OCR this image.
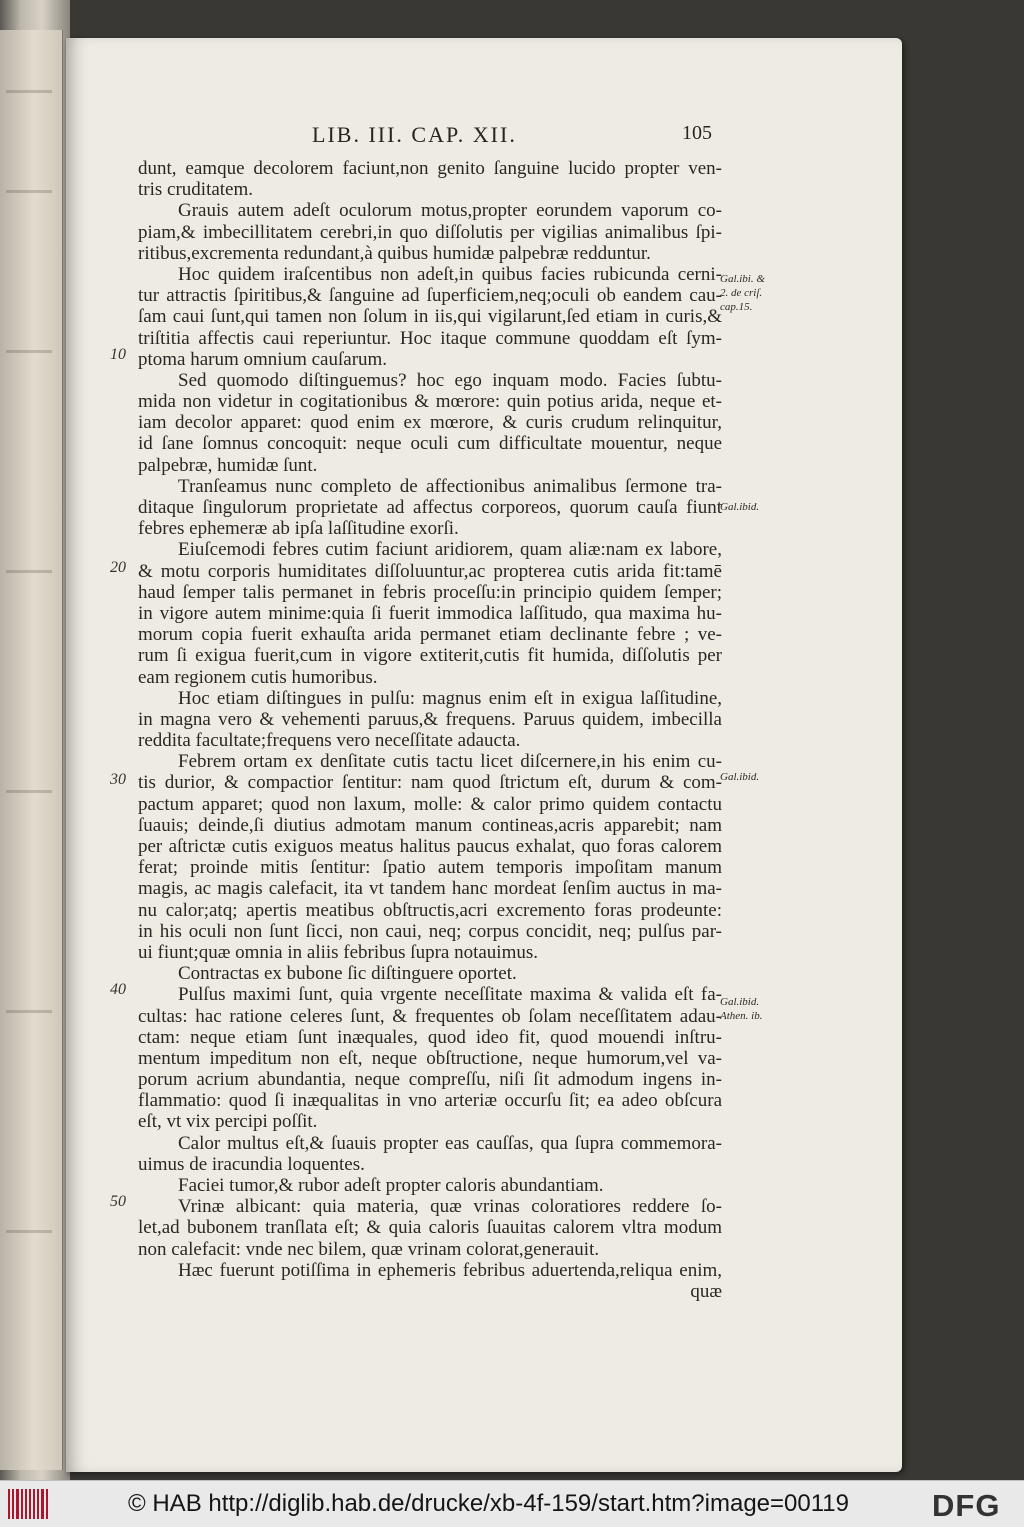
LIB. III. CAP. XII.	105
dunt, eamque decolorem faciunt,non genito ſanguine lucido propter ven-
tris cruditatem.
Grauis autem adeſt oculorum motus,propter eorundem vaporum co-
piam,& imbecillitatem cerebri,in quo diſſolutis per vigilias animalibus ſpi-
ritibus,excrementa redundant,à quibus humidæ palpebræ redduntur.
Hoc quidem iraſcentibus non adeſt,in quibus facies rubicunda cerni-
tur attractis ſpiritibus,& ſanguine ad ſuperficiem,neq;oculi ob eandem cau-
ſam caui ſunt,qui tamen non ſolum in iis,qui vigilarunt,ſed etiam in curis,&
triſtitia affectis caui reperiuntur. Hoc itaque commune quoddam eſt ſym-
ptoma harum omnium cauſarum.
Sed quomodo diſtinguemus? hoc ego inquam modo. Facies ſubtu-
mida non videtur in cogitationibus & mœrore: quin potius arida, neque et-
iam decolor apparet: quod enim ex mœrore, & curis crudum relinquitur,
id ſane ſomnus concoquit: neque oculi cum difficultate mouentur, neque
palpebræ, humidæ ſunt.
Tranſeamus nunc completo de affectionibus animalibus ſermone tra-
ditaque ſingulorum proprietate ad affectus corporeos, quorum cauſa fiunt
febres ephemeræ ab ipſa laſſitudine exorſi.
Eiuſcemodi febres cutim faciunt aridiorem, quam aliæ:nam ex labore,
& motu corporis humiditates diſſoluuntur,ac propterea cutis arida fit:tamē
haud ſemper talis permanet in febris proceſſu:in principio quidem ſemper;
in vigore autem minime:quia ſi fuerit immodica laſſitudo, qua maxima hu-
morum copia fuerit exhauſta arida permanet etiam declinante febre ; ve-
rum ſi exigua fuerit,cum in vigore extiterit,cutis fit humida, diſſolutis per
eam regionem cutis humoribus.
Hoc etiam diſtingues in pulſu: magnus enim eſt in exigua laſſitudine,
in magna vero & vehementi paruus,& frequens. Paruus quidem, imbecilla
reddita facultate;frequens vero neceſſitate adaucta.
Febrem ortam ex denſitate cutis tactu licet diſcernere,in his enim cu-
tis durior, & compactior ſentitur: nam quod ſtrictum eſt, durum & com-
pactum apparet; quod non laxum, molle: & calor primo quidem contactu
ſuauis; deinde,ſi diutius admotam manum contineas,acris apparebit; nam
per aſtrictæ cutis exiguos meatus halitus paucus exhalat, quo foras calorem
ferat; proinde mitis ſentitur: ſpatio autem temporis impoſitam manum
magis, ac magis calefacit, ita vt tandem hanc mordeat ſenſim auctus in ma-
nu calor;atq; apertis meatibus obſtructis,acri excremento foras prodeunte:
in his oculi non ſunt ſicci, non caui, neq; corpus concidit, neq; pulſus par-
ui fiunt;quæ omnia in aliis febribus ſupra notauimus.
Contractas ex bubone ſic diſtinguere oportet.
Pulſus maximi ſunt, quia vrgente neceſſitate maxima & valida eſt fa-
cultas: hac ratione celeres ſunt, & frequentes ob ſolam neceſſitatem adau-
ctam: neque etiam ſunt inæquales, quod ideo fit, quod mouendi inſtru-
mentum impeditum non eſt, neque obſtructione, neque humorum,vel va-
porum acrium abundantia, neque compreſſu, niſi ſit admodum ingens in-
flammatio: quod ſi inæqualitas in vno arteriæ occurſu ſit; ea adeo obſcura
eſt, vt vix percipi poſſit.
Calor multus eſt,& ſuauis propter eas cauſſas, qua ſupra commemora-
uimus de iracundia loquentes.
Faciei tumor,& rubor adeſt propter caloris abundantiam.
Vrinæ albicant: quia materia, quæ vrinas coloratiores reddere ſo-
let,ad bubonem tranſlata eſt; & quia caloris ſuauitas calorem vltra modum
non calefacit: vnde nec bilem, quæ vrinam colorat,generauit.
Hæc fuerunt potiſſima in ephemeris febribus aduertenda,reliqua enim,
quæ
10
20
30
40
50
Gal.ibi. &
2. de criſ.
cap.15.
Gal.ibid.
Gal.ibid.
Gal.ibid.
Athen. ib.
© HAB http://diglib.hab.de/drucke/xb-4f-159/start.htm?image=00119	DFG
